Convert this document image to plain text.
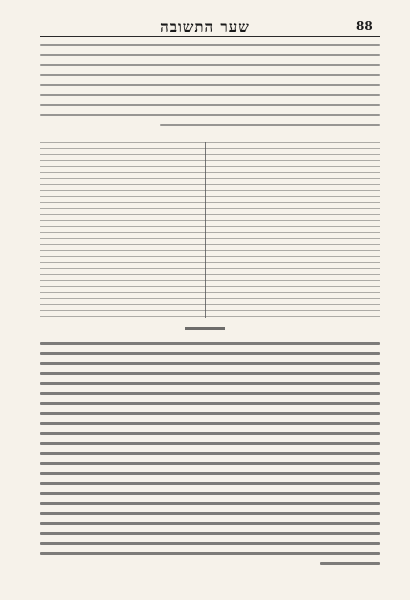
שער התשובה	88
